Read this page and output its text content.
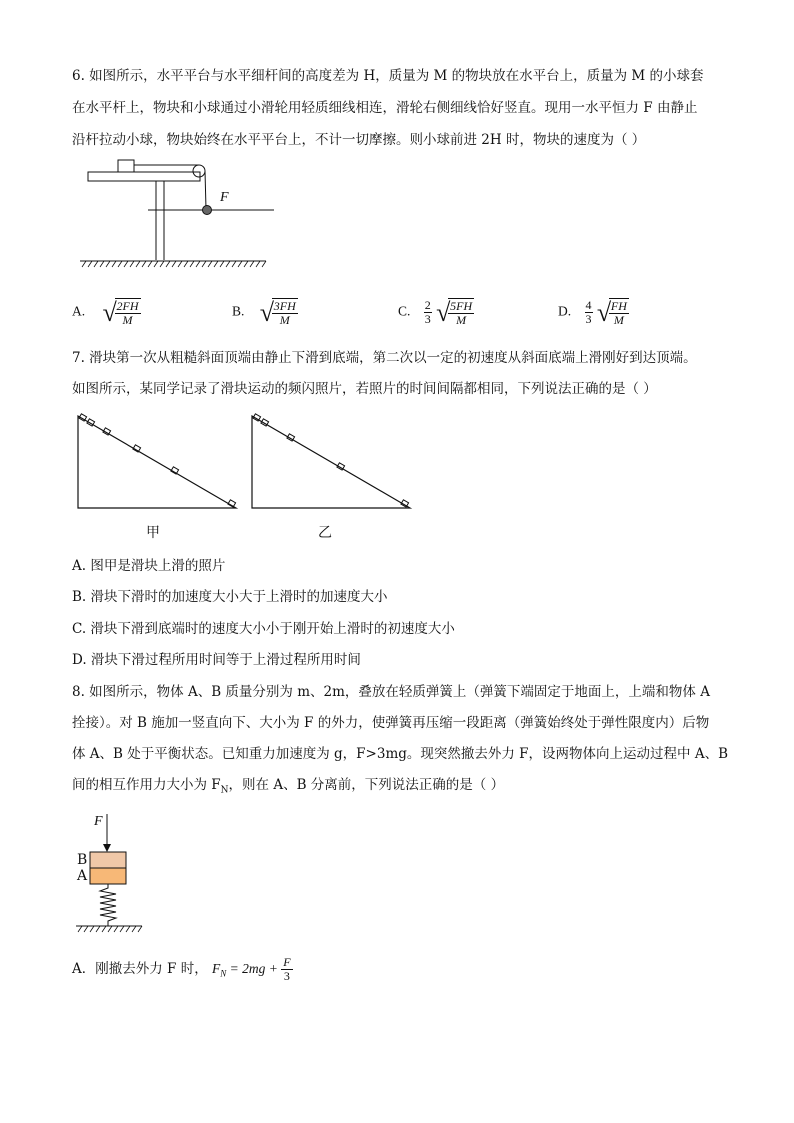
6. 如图所示，水平平台与水平细杆间的高度差为 H，质量为 M 的物块放在水平台上，质量为 M 的小球套
在水平杆上，物块和小球通过小滑轮用轻质细线相连，滑轮右侧细线恰好竖直。现用一水平恒力 F 由静止
沿杆拉动小球，物块始终在水平平台上，不计一切摩擦。则小球前进 2H 时，物块的速度为（ ）
F
A. √
$\frac{2FH}{M}$	B. √
$\frac{3FH}{M}$	C. $\frac{2}{3}$
√
$\frac{5FH}{M}$	D. $\frac{4}{3}$
√
$\frac{FH}{M}$
7. 滑块第一次从粗糙斜面顶端由静止下滑到底端，第二次以一定的初速度从斜面底端上滑刚好到达顶端。
如图所示，某同学记录了滑块运动的频闪照片，若照片的时间间隔都相同，下列说法正确的是（ ）
甲	乙
A. 图甲是滑块上滑的照片
B. 滑块下滑时的加速度大小大于上滑时的加速度大小
C. 滑块下滑到底端时的速度大小小于刚开始上滑时的初速度大小
D. 滑块下滑过程所用时间等于上滑过程所用时间
8. 如图所示，物体 A、B 质量分别为 m、2m，叠放在轻质弹簧上（弹簧下端固定于地面上，上端和物体 A
拴接）。对 B 施加一竖直向下、大小为 F 的外力，使弹簧再压缩一段距离（弹簧始终处于弹性限度内）后物
体 A、B 处于平衡状态。已知重力加速度为 g，F>3mg。现突然撤去外力 F，设两物体向上运动过程中 A、B
间的相互作用力大小为 $F_N$，则在 A、B 分离前，下列说法正确的是（ ）
F
B
A
A．刚撤去外力 F 时， $F_N = 2mg + \frac{F}{3}$
